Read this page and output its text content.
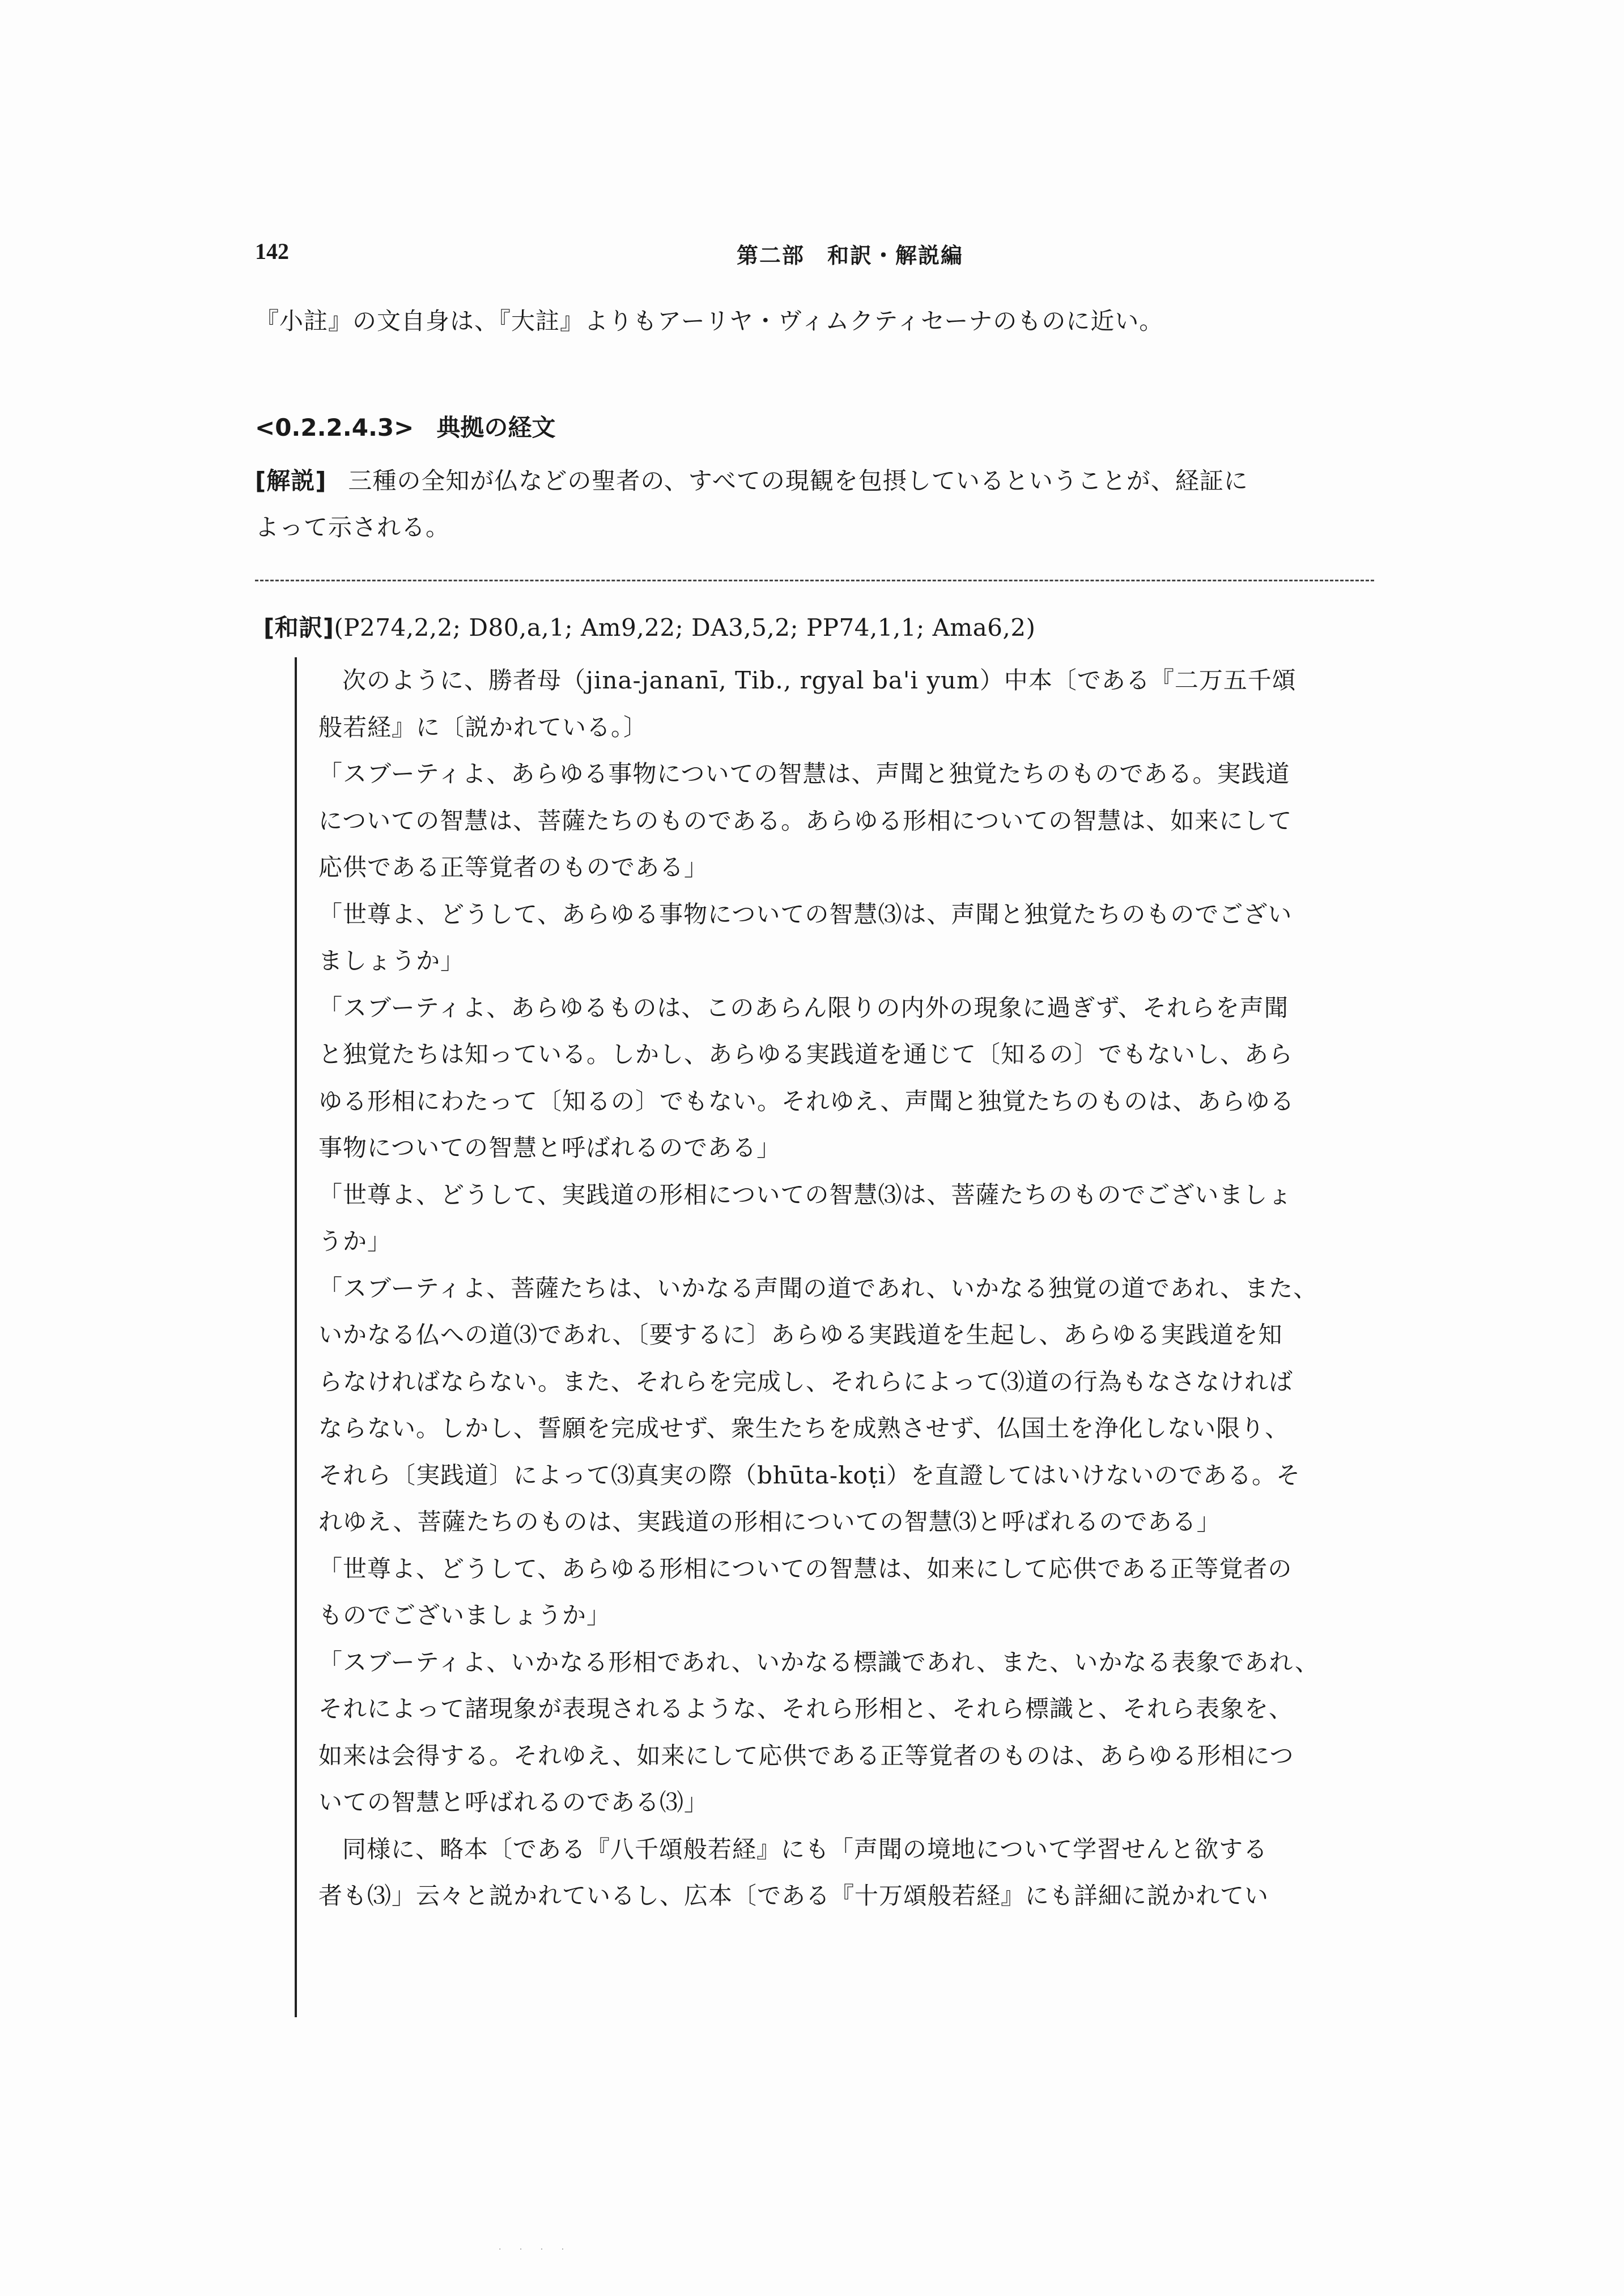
142	第二部　和訳・解説編
『小註』の文自身は、『大註』よりもアーリヤ・ヴィムクティセーナのものに近い。
<0.2.2.4.3> 典拠の経文
[解説] 三種の全知が仏などの聖者の、すべての現観を包摂しているということが、経証に
よって示される。
[和訳](P274,2,2; D80,a,1; Am9,22; DA3,5,2; PP74,1,1; Ama6,2)
次のように、勝者母（jina-jananī, Tib., rgyal ba'i yum）中本〔である『二万五千頌
般若経』に〔説かれている。〕
「スブーティよ、あらゆる事物についての智慧は、声聞と独覚たちのものである。実践道
についての智慧は、菩薩たちのものである。あらゆる形相についての智慧は、如来にして
応供である正等覚者のものである」
「世尊よ、どうして、あらゆる事物についての智慧⑶は、声聞と独覚たちのものでござい
ましょうか」
「スブーティよ、あらゆるものは、このあらん限りの内外の現象に過ぎず、それらを声聞
と独覚たちは知っている。しかし、あらゆる実践道を通じて〔知るの〕でもないし、あら
ゆる形相にわたって〔知るの〕でもない。それゆえ、声聞と独覚たちのものは、あらゆる
事物についての智慧と呼ばれるのである」
「世尊よ、どうして、実践道の形相についての智慧⑶は、菩薩たちのものでございましょ
うか」
「スブーティよ、菩薩たちは、いかなる声聞の道であれ、いかなる独覚の道であれ、また、
いかなる仏への道⑶であれ、〔要するに〕あらゆる実践道を生起し、あらゆる実践道を知
らなければならない。また、それらを完成し、それらによって⑶道の行為もなさなければ
ならない。しかし、誓願を完成せず、衆生たちを成熟させず、仏国土を浄化しない限り、
それら〔実践道〕によって⑶真実の際（bhūta-koṭi）を直證してはいけないのである。そ
れゆえ、菩薩たちのものは、実践道の形相についての智慧⑶と呼ばれるのである」
「世尊よ、どうして、あらゆる形相についての智慧は、如来にして応供である正等覚者の
ものでございましょうか」
「スブーティよ、いかなる形相であれ、いかなる標識であれ、また、いかなる表象であれ、
それによって諸現象が表現されるような、それら形相と、それら標識と、それら表象を、
如来は会得する。それゆえ、如来にして応供である正等覚者のものは、あらゆる形相につ
いての智慧と呼ばれるのである⑶」
同様に、略本〔である『八千頌般若経』にも「声聞の境地について学習せんと欲する
者も⑶」云々と説かれているし、広本〔である『十万頌般若経』にも詳細に説かれてい
· · · ·
